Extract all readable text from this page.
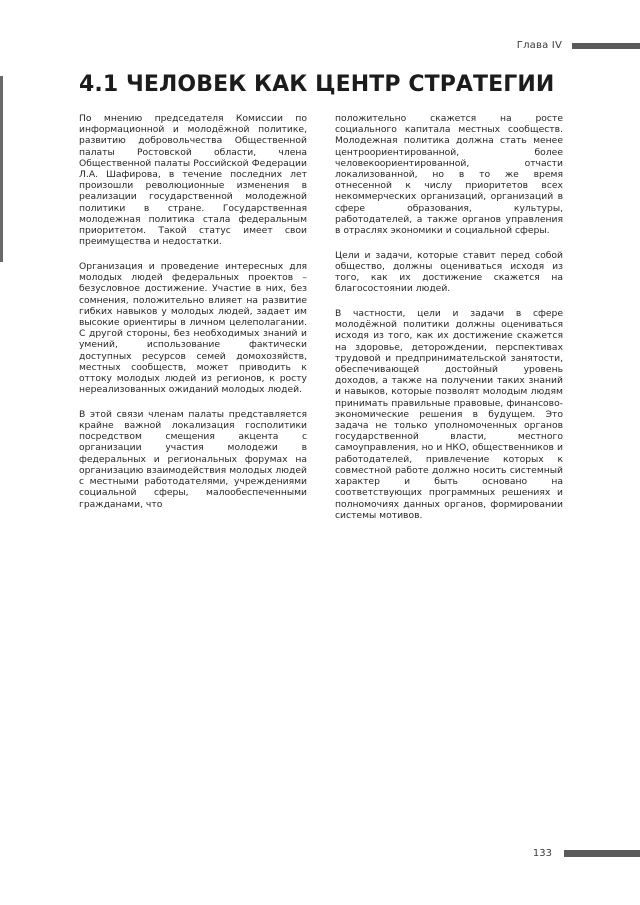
Глава IV
4.1 ЧЕЛОВЕК КАК ЦЕНТР СТРАТЕГИИ

По мнению председателя Комиссии по информационной и молодёжной политике, развитию добровольчества Общественной палаты Ростовской области, члена Общественной палаты Российской Федерации Л.А. Шафирова, в течение последних лет произошли революционные изменения в реализации государственной молодежной политики в стране. Государственная молодежная политика стала федеральным приоритетом. Такой статус имеет свои преимущества и недостатки.

Организация и проведение интересных для молодых людей федеральных проектов – безусловное достижение. Участие в них, без сомнения, положительно влияет на развитие гибких навыков у молодых людей, задает им высокие ориентиры в личном целеполагании. С другой стороны, без необходимых знаний и умений, использование фактически доступных ресурсов семей домохозяйств, местных сообществ, может приводить к оттоку молодых людей из регионов, к росту нереализованных ожиданий молодых людей.

В этой связи членам палаты представляется крайне важной локализация госполитики посредством смещения акцента с организации участия молодежи в федеральных и региональных форумах на организацию взаимодействия молодых людей с местными работодателями, учреждениями социальной сферы, малообеспеченными гражданами, что

положительно скажется на росте социального капитала местных сообществ. Молодежная политика должна стать менее центроориентированной, более человекоориентированной, отчасти локализованной, но в то же время отнесенной к числу приоритетов всех некоммерческих организаций, организаций в сфере образования, культуры, работодателей, а также органов управления в отраслях экономики и социальной сферы.

Цели и задачи, которые ставит перед собой общество, должны оцениваться исходя из того, как их достижение скажется на благосостоянии людей.

В частности, цели и задачи в сфере молодёжной политики должны оцениваться исходя из того, как их достижение скажется на здоровье, деторождении, перспективах трудовой и предпринимательской занятости, обеспечивающей достойный уровень доходов, а также на получении таких знаний и навыков, которые позволят молодым людям принимать правильные правовые, финансово-экономические решения в будущем. Это задача не только уполномоченных органов государственной власти, местного самоуправления, но и НКО, общественников и работодателей, привлечение которых к совместной работе должно носить системный характер и быть основано на соответствующих программных решениях и полномочиях данных органов, формировании системы мотивов.

133
